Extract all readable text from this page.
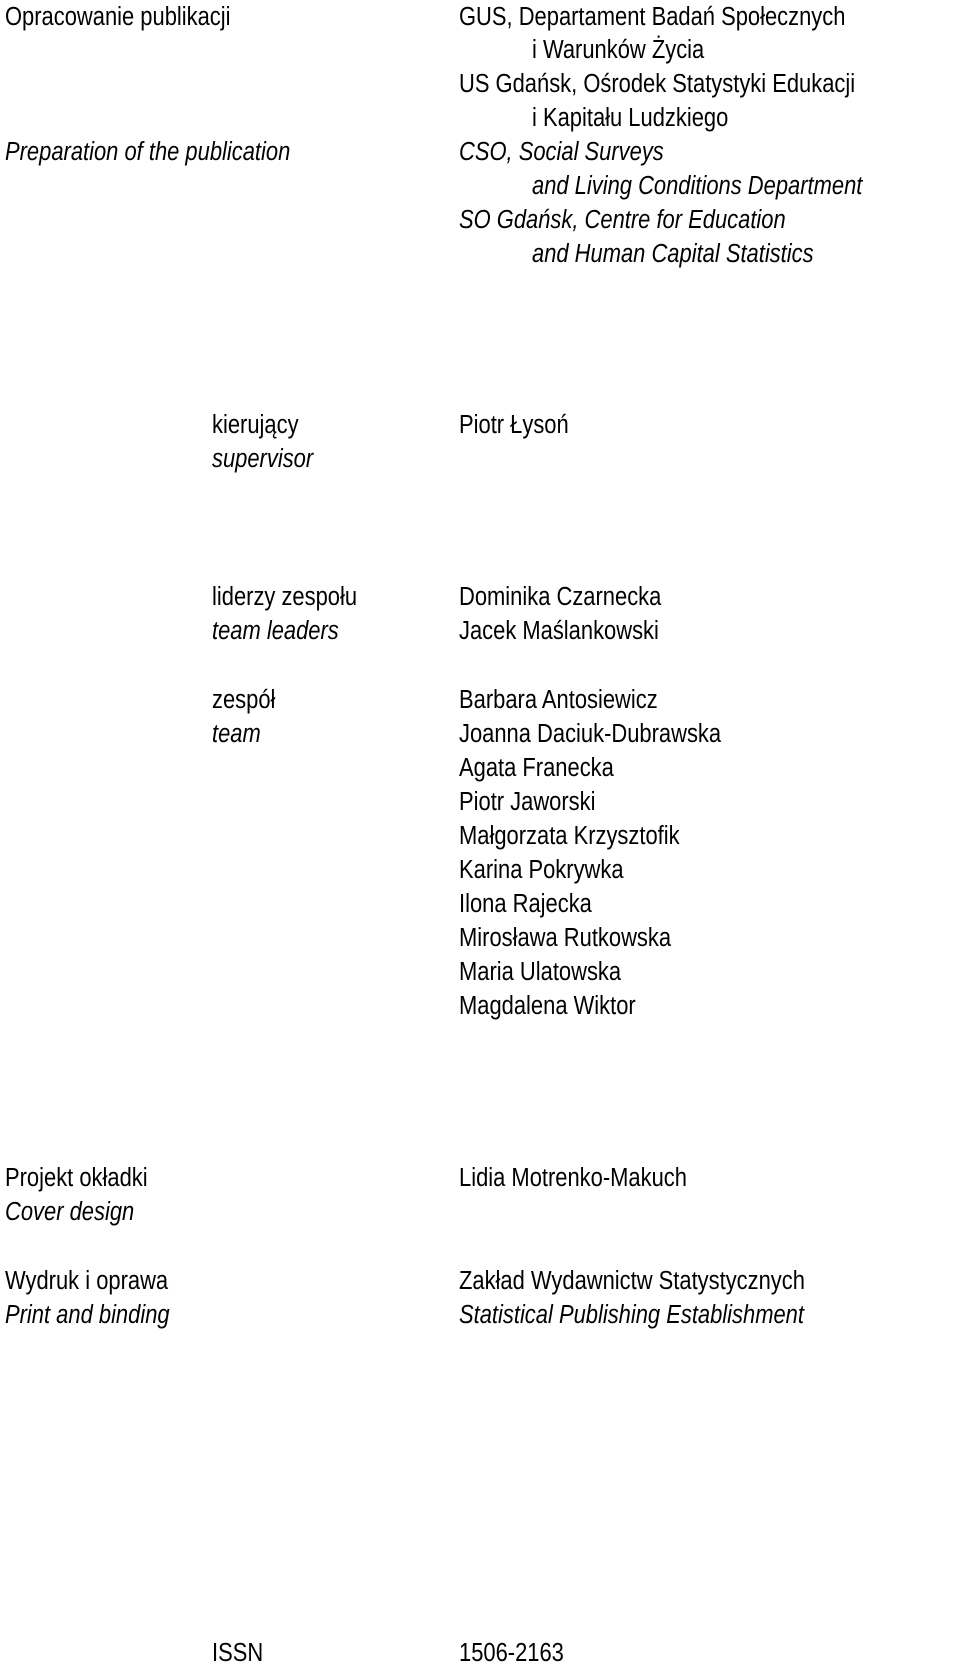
Opracowanie publikacji
Preparation of the publication
GUS, Departament Badań Społecznych
i Warunków Życia
US Gdańsk, Ośrodek Statystyki Edukacji
i Kapitału Ludzkiego
CSO, Social Surveys
and Living Conditions Department
SO Gdańsk, Centre for Education
and Human Capital Statistics
kierujący
supervisor
Piotr Łysoń
liderzy zespołu
team leaders
Dominika Czarnecka
Jacek Maślankowski
zespół
team
Barbara Antosiewicz
Joanna Daciuk-Dubrawska
Agata Franecka
Piotr Jaworski
Małgorzata Krzysztofik
Karina Pokrywka
Ilona Rajecka
Mirosława Rutkowska
Maria Ulatowska
Magdalena Wiktor
Projekt okładki
Cover design
Lidia Motrenko-Makuch
Wydruk i oprawa
Print and binding
Zakład Wydawnictw Statystycznych
Statistical Publishing Establishment
ISSN	1506-2163
